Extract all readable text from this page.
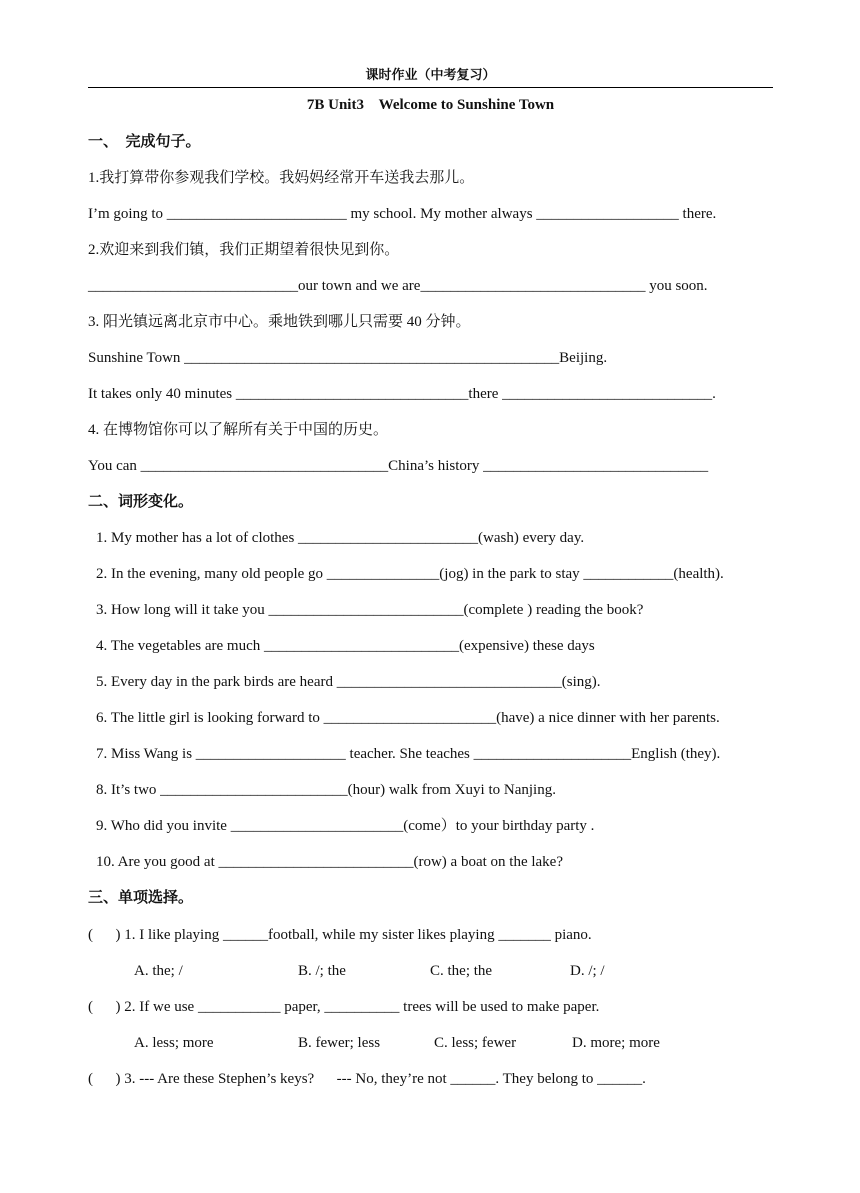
课时作业（中考复习）
7B Unit3    Welcome to Sunshine Town
一、  完成句子。
1.我打算带你参观我们学校。我妈妈经常开车送我去那儿。
I’m going to ________________________ my school. My mother always ___________________ there.
2.欢迎来到我们镇，我们正期望着很快见到你。
____________________________our town and we are______________________________ you soon.
3. 阳光镇远离北京市中心。乘地铁到哪儿只需要 40 分钟。
Sunshine Town __________________________________________________Beijing.
It takes only 40 minutes _______________________________there ____________________________.
4. 在博物馆你可以了解所有关于中国的历史。
You can _________________________________China’s history ______________________________
二、词形变化。
1. My mother has a lot of clothes ________________________(wash) every day.
2. In the evening, many old people go _______________(jog) in the park to stay ____________(health).
3. How long will it take you __________________________(complete ) reading the book?
4. The vegetables are much __________________________(expensive) these days
5. Every day in the park birds are heard ______________________________(sing).
6. The little girl is looking forward to _______________________(have) a nice dinner with her parents.
7. Miss Wang is ____________________ teacher. She teaches _____________________English (they).
8. It’s two _________________________(hour) walk from Xuyi to Nanjing.
9. Who did you invite _______________________(come）to your birthday party .
10. Are you good at __________________________(row) a boat on the lake?
三、单项选择。
(      ) 1. I like playing ______football, while my sister likes playing _______ piano.
A. the; /	B. /; the	C. the; the	D. /; /
(      ) 2. If we use ___________ paper, __________ trees will be used to make paper.
A. less; more	B. fewer; less	C. less; fewer	D. more; more
(      ) 3. --- Are these Stephen’s keys?      --- No, they’re not ______. They belong to ______.
